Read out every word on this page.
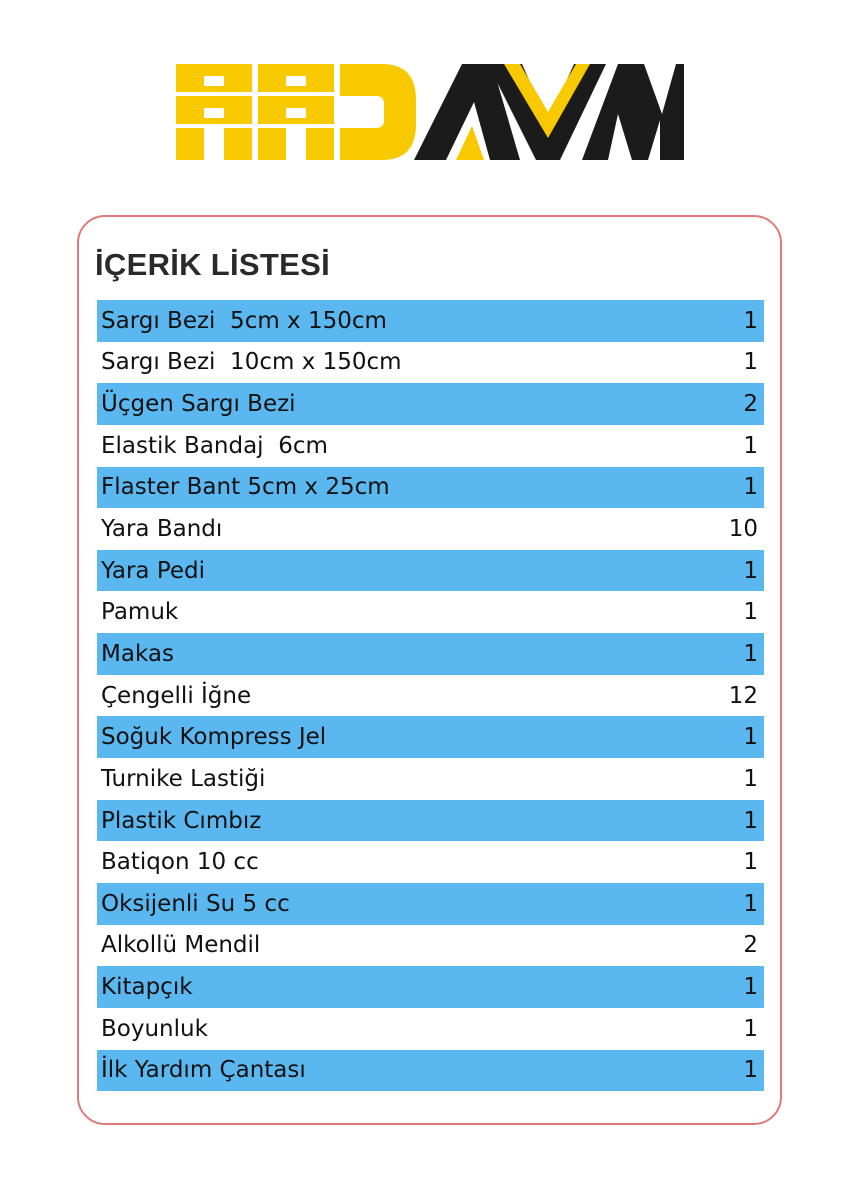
İÇERİK LİSTESİ
Sargı Bezi  5cm x 150cm	1
Sargı Bezi  10cm x 150cm	1
Üçgen Sargı Bezi	2
Elastik Bandaj  6cm	1
Flaster Bant 5cm x 25cm	1
Yara Bandı	10
Yara Pedi	1
Pamuk	1
Makas	1
Çengelli İğne	12
Soğuk Kompress Jel	1
Turnike Lastiği	1
Plastik Cımbız	1
Batiqon 10 cc	1
Oksijenli Su 5 cc	1
Alkollü Mendil	2
Kitapçık	1
Boyunluk	1
İlk Yardım Çantası	1
